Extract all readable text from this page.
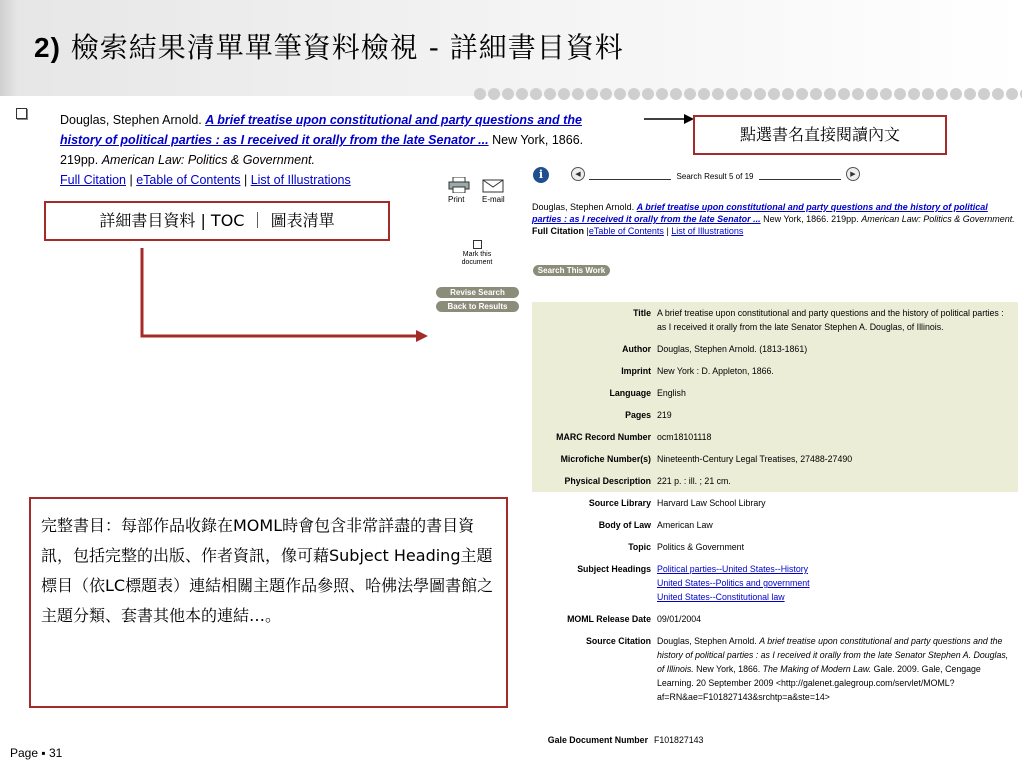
2) 檢索結果清單單筆資料檢視 - 詳細書目資料
Douglas, Stephen Arnold. A brief treatise upon constitutional and party questions and the
history of political parties : as I received it orally from the late Senator ... New York, 1866.
219pp. American Law: Politics & Government.
Full Citation | eTable of Contents | List of Illustrations
點選書名直接閱讀內文
詳細書目資料 | TOC ｜ 圖表清單
完整書目：每部作品收錄在MOML時會包含非常詳盡的書目資訊，包括完整的出版、作者資訊，像可藉Subject Heading主題標目（依LC標題表）連結相關主題作品參照、哈佛法學圖書館之主題分類、套書其他本的連結…。
Print E-mail
Mark this document
Revise Search
Back to Results
i	◀	▶
Search Result 5 of 19
Douglas, Stephen Arnold. A brief treatise upon constitutional and party questions and the history of political parties : as I received it orally from the late Senator ... New York, 1866. 219pp. American Law: Politics & Government.
Full Citation |eTable of Contents | List of Illustrations
Search This Work
Title	A brief treatise upon constitutional and party questions and the history of political parties : as I received it orally from the late Senator Stephen A. Douglas, of Illinois.
Author	Douglas, Stephen Arnold. (1813-1861)
Imprint	New York : D. Appleton, 1866.
Language	English
Pages	219
MARC Record Number	ocm18101118
Microfiche Number(s)	Nineteenth-Century Legal Treatises, 27488-27490
Physical Description	221 p. : ill. ; 21 cm.
Source Library	Harvard Law School Library
Body of Law	American Law
Topic	Politics & Government
Subject Headings	Political parties--United States--History
United States--Politics and government
United States--Constitutional law

MOML Release Date	09/01/2004
Source Citation	Douglas, Stephen Arnold. A brief treatise upon constitutional and party questions and the history of political parties : as I received it orally from the late Senator Stephen A. Douglas, of Illinois. New York, 1866. The Making of Modern Law. Gale. 2009. Gale, Cengage Learning. 20 September 2009 <http://galenet.galegroup.com/servlet/MOML?af=RN&ae=F101827143&srchtp=a&ste=14>
Gale Document Number F101827143
Page ▪ 31
